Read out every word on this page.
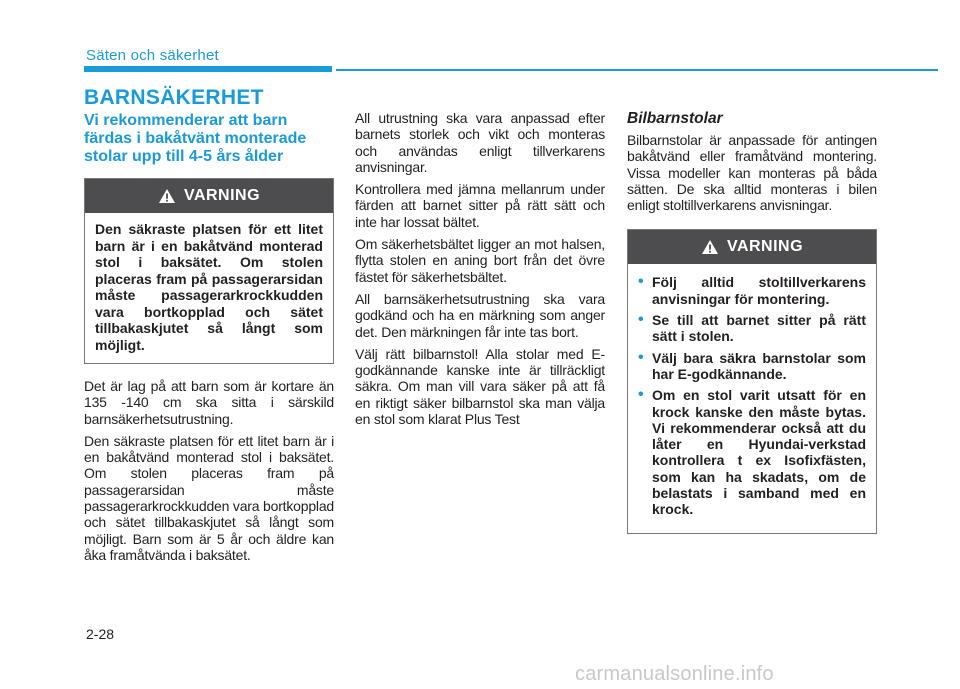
Säten och säkerhet
BARNSÄKERHET
Vi rekommenderar att barn färdas i bakåtvänt monterade stolar upp till 4-5 års ålder
VARNING
Den säkraste platsen för ett litet barn är i en bakåtvänd monterad stol i baksätet. Om stolen placeras fram på passagerarsidan måste passagerarkrockkudden vara bortkopplad och sätet tillbakaskjutet så långt som möjligt.

Det är lag på att barn som är kortare än 135 -140 cm ska sitta i särskild barnsäkerhetsutrustning.

Den säkraste platsen för ett litet barn är i en bakåtvänd monterad stol i baksätet. Om stolen placeras fram på passagerarsidan måste passagerarkrockkudden vara bortkopplad och sätet tillbakaskjutet så långt som möjligt. Barn som är 5 år och äldre kan åka framåtvända i baksätet.

All utrustning ska vara anpassad efter barnets storlek och vikt och monteras och användas enligt tillverkarens anvisningar.

Kontrollera med jämna mellanrum under färden att barnet sitter på rätt sätt och inte har lossat bältet.

Om säkerhetsbältet ligger an mot halsen, flytta stolen en aning bort från det övre fästet för säkerhetsbältet.

All barnsäkerhetsutrustning ska vara godkänd och ha en märkning som anger det. Den märkningen får inte tas bort.

Välj rätt bilbarnstol! Alla stolar med E-godkännande kanske inte är tillräckligt säkra. Om man vill vara säker på att få en riktigt säker bilbarnstol ska man välja en stol som klarat Plus Test

Bilbarnstolar

Bilbarnstolar är anpassade för antingen bakåtvänd eller framåtvänd montering. Vissa modeller kan monteras på båda sätten. De ska alltid monteras i bilen enligt stoltillverkarens anvisningar.

VARNING
• Följ alltid stoltillverkarens anvisningar för montering.
• Se till att barnet sitter på rätt sätt i stolen.
• Välj bara säkra barnstolar som har E-godkännande.
• Om en stol varit utsatt för en krock kanske den måste bytas. Vi rekommenderar också att du låter en Hyundai-verkstad kontrollera t ex Isofixfästen, som kan ha skadats, om de belastats i samband med en krock.
2-28
carmanualsonline.info
